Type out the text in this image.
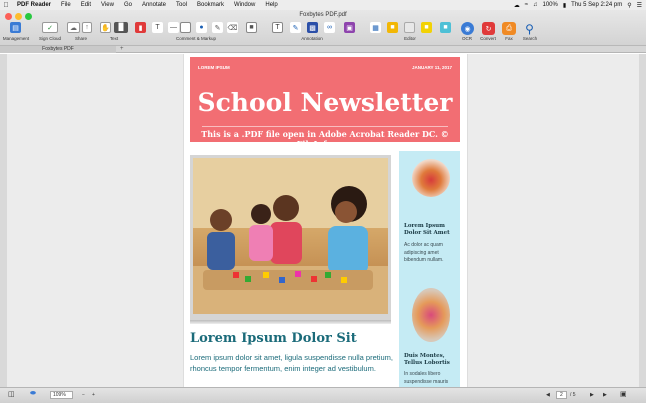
PDF Reader	File	Edit	View	Go	Annotate	Tool	Bookmark	Window	Help	☁ ≈ ♫ 100% ▮ Thu 5 Sep 2:24 pm ⚲ ☰
Foxbytes PDF.pdf
▤
Management
✓
Sign Cloud
☁	↑
Share
✋	█
Text
▮	T	—	●	✎	⌫	■
Comment & Markup
T	✎	▩	∞	▣
Annotation
▦	■	■	■
Editor
◉
OCR
↻
Convert
⎙
Fax
⚲
Search
Foxbytes PDF	+
LOREM IPSUM	JANUARY 11, 2017
School Newsletter
This is a .PDF file open in Adobe Acrobat Reader DC. © FileInfo.com
Lorem Ipsum Dolor Sit
Lorem ipsum dolor sit amet, ligula suspendisse nulla pretium, rhoncus tempor fermentum, enim integer ad vestibulum.
Lorem Ipsum Dolor Sit Amet
Ac dolor ac quam adipiscing amet bibendum nullam.
Duis Montes, Tellus Lobortis
In sodales libero suspendisse mauris
◫ ⬬	109%	− +	◀	2	/ 5	▶ ▶ ▣
